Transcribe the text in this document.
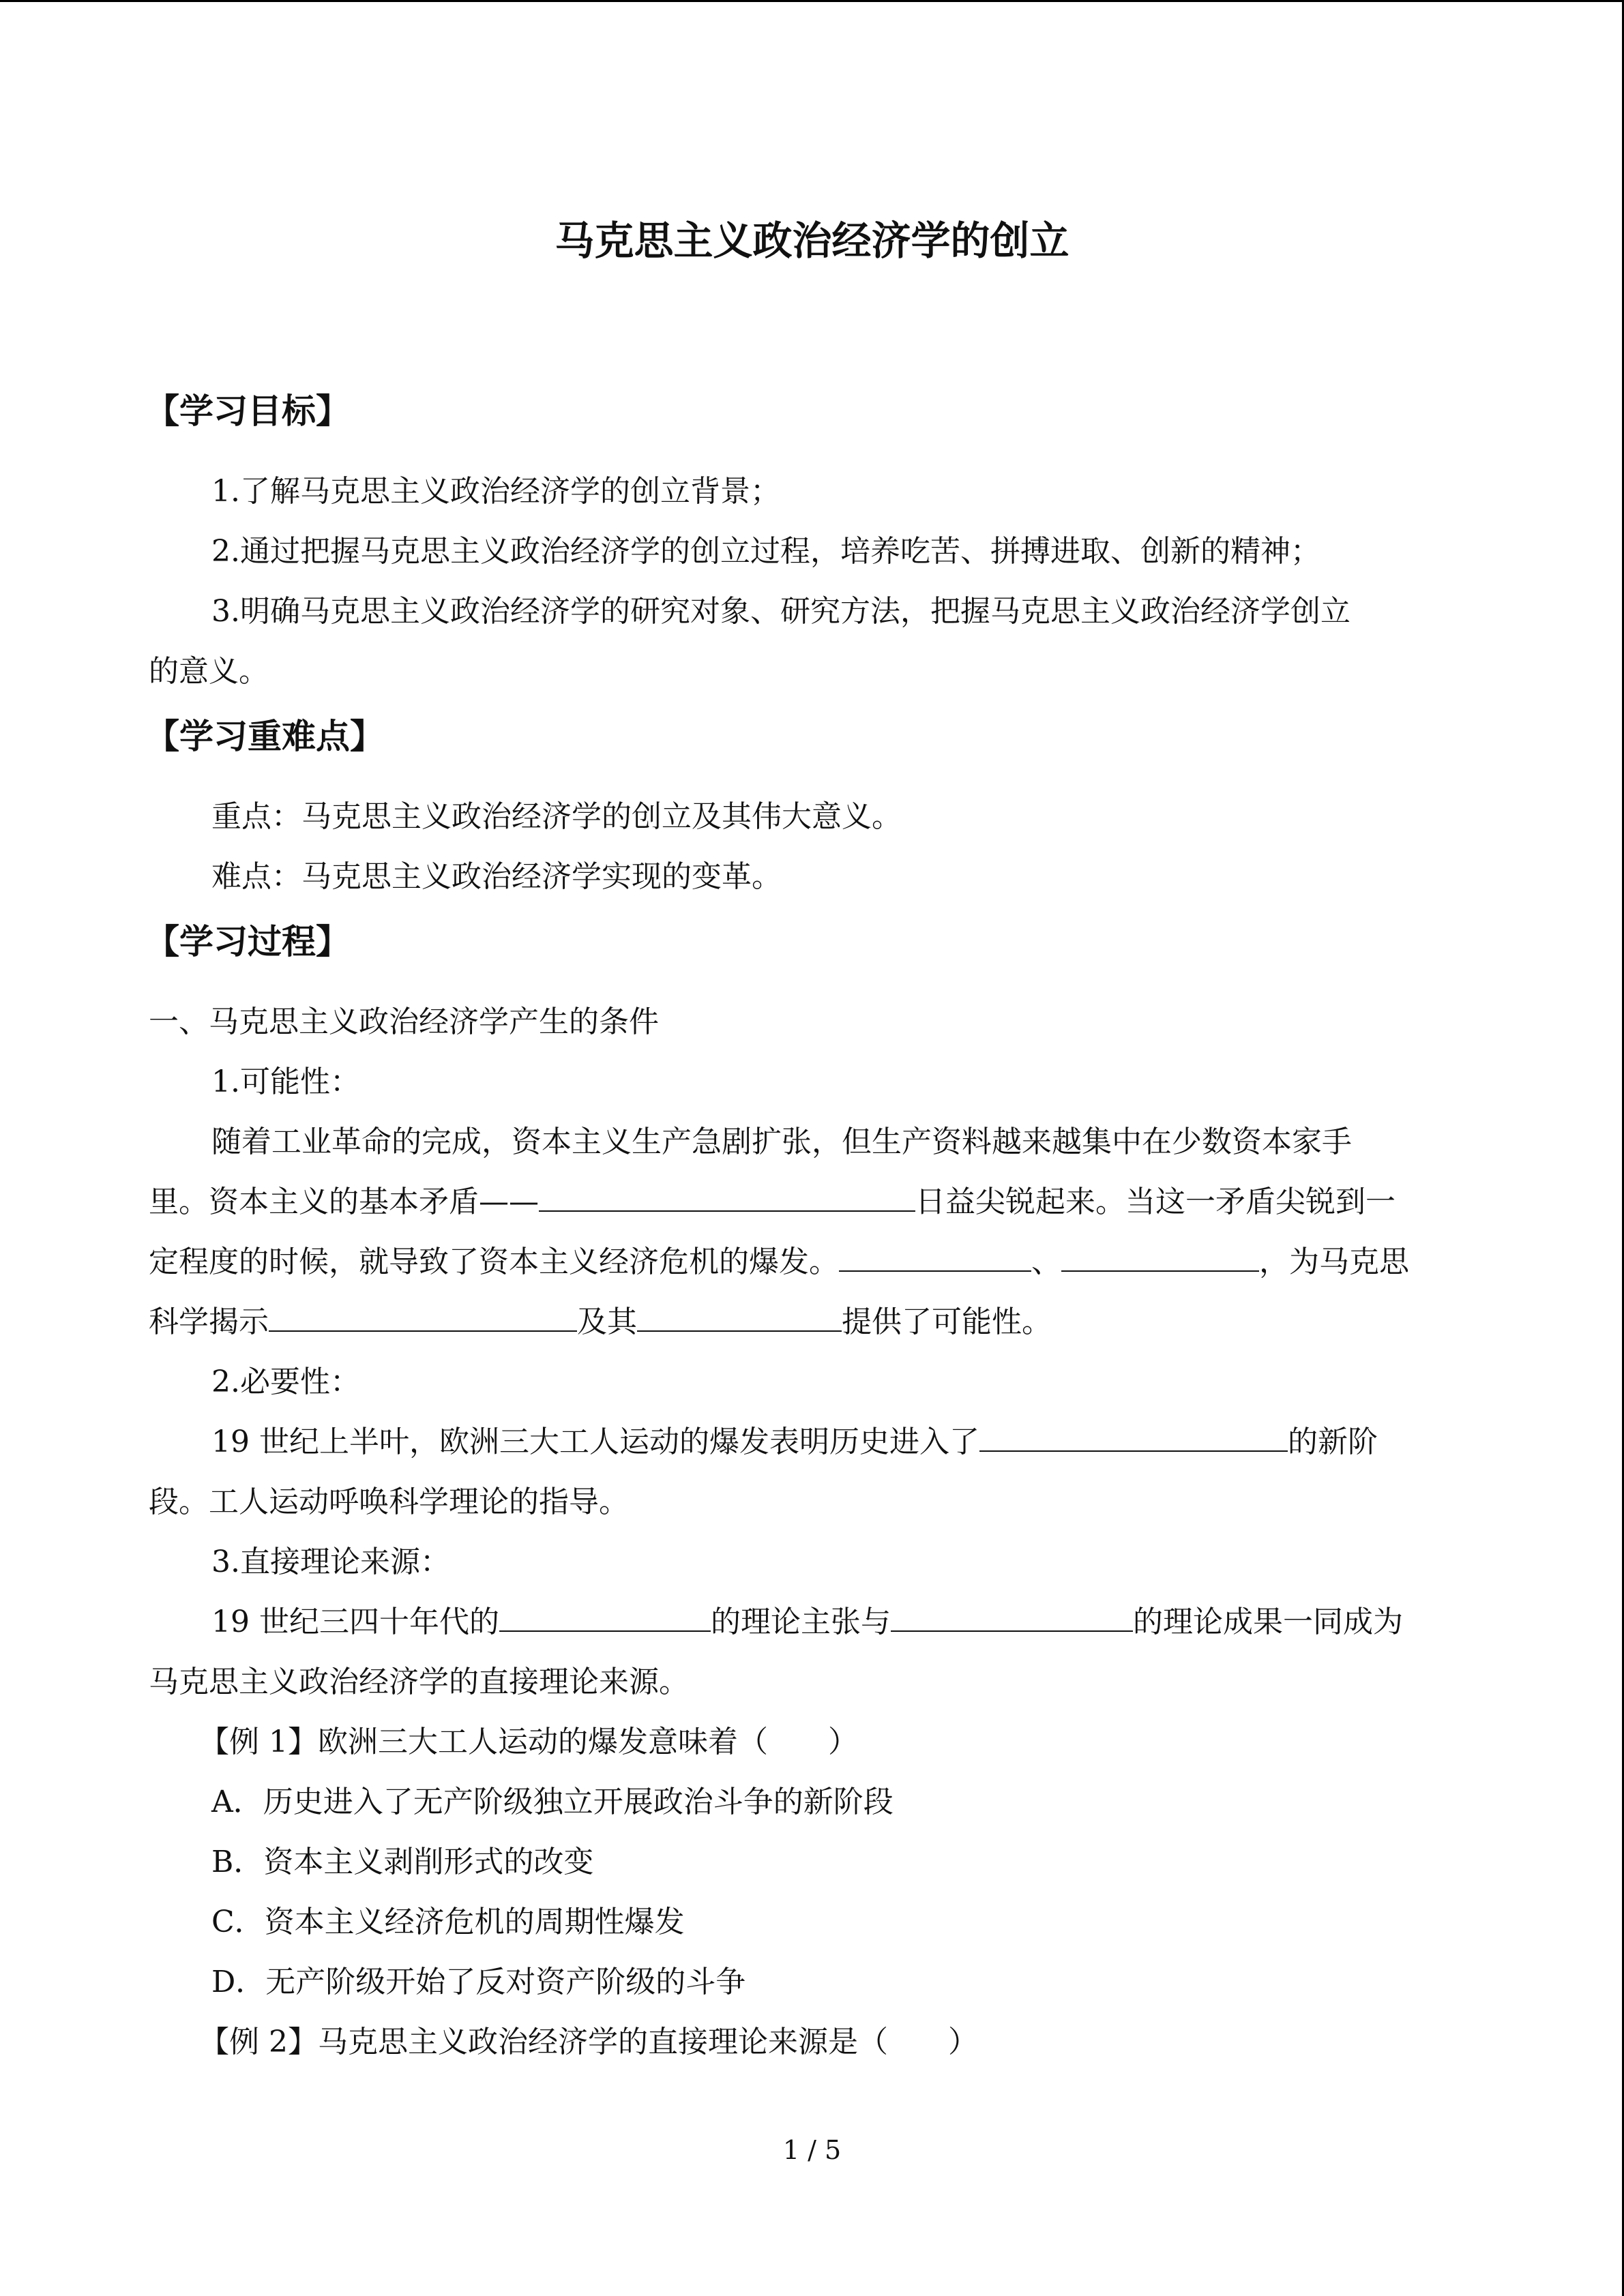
马克思主义政治经济学的创立
【学习目标】
1.了解马克思主义政治经济学的创立背景；
2.通过把握马克思主义政治经济学的创立过程，培养吃苦、拼搏进取、创新的精神；
3.明确马克思主义政治经济学的研究对象、研究方法，把握马克思主义政治经济学创立
的意义。
【学习重难点】
重点：马克思主义政治经济学的创立及其伟大意义。
难点：马克思主义政治经济学实现的变革。
【学习过程】
一、马克思主义政治经济学产生的条件
1.可能性：
随着工业革命的完成，资本主义生产急剧扩张，但生产资料越来越集中在少数资本家手
里。资本主义的基本矛盾——	日益尖锐起来。当这一矛盾尖锐到一
定程度的时候，就导致了资本主义经济危机的爆发。	、	，为马克思
科学揭示	及其	提供了可能性。
2.必要性：
19 世纪上半叶，欧洲三大工人运动的爆发表明历史进入了	的新阶
段。工人运动呼唤科学理论的指导。
3.直接理论来源：
19 世纪三四十年代的	的理论主张与	的理论成果一同成为
马克思主义政治经济学的直接理论来源。
【例 1】欧洲三大工人运动的爆发意味着（　　）
A．历史进入了无产阶级独立开展政治斗争的新阶段
B．资本主义剥削形式的改变
C．资本主义经济危机的周期性爆发
D．无产阶级开始了反对资产阶级的斗争
【例 2】马克思主义政治经济学的直接理论来源是（　　）
1 / 5
